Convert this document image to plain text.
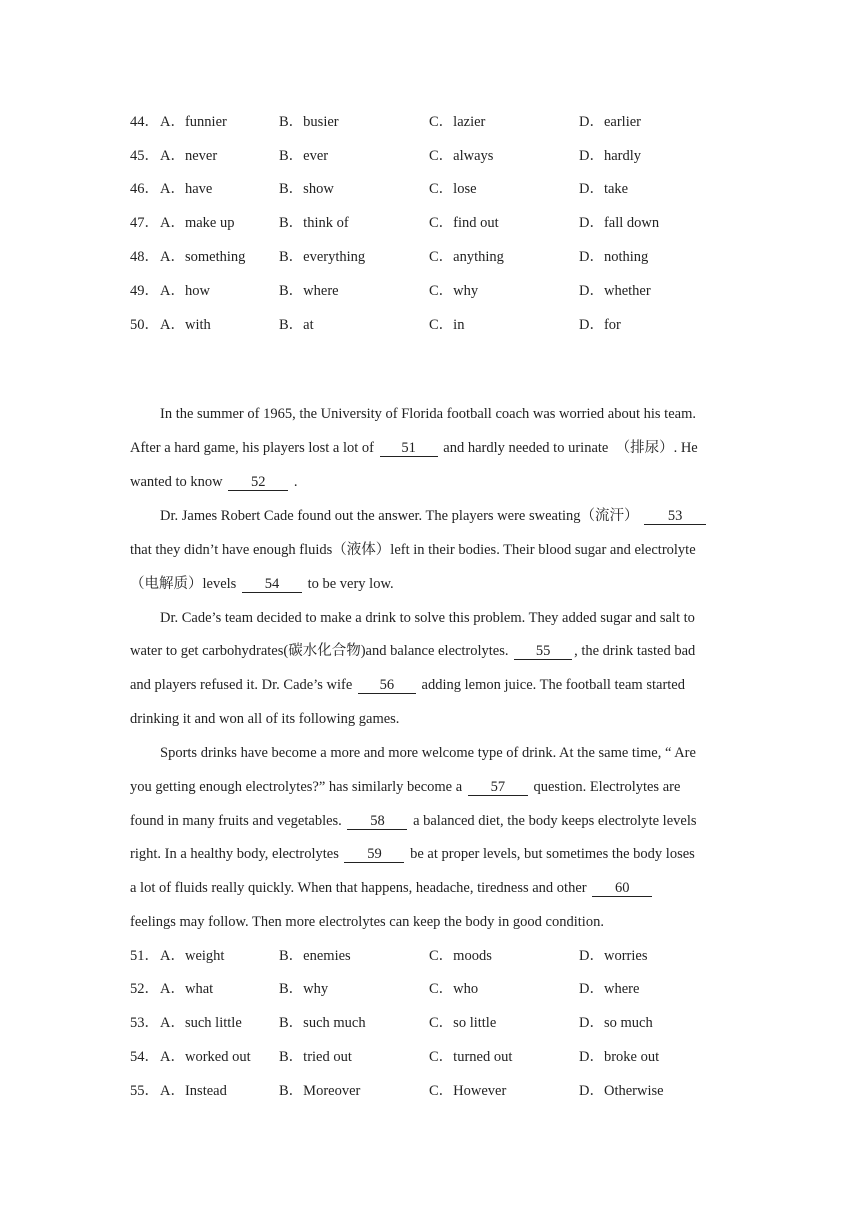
44． A．funnier	B．busier	C．lazier	D．earlier
45． A．never	B．ever	C．always	D．hardly
46． A．have	B．show	C．lose	D．take
47． A．make up	B．think of	C．find out	D．fall down
48． A．something B．everything	C．anything	D．nothing
49． A．how	B．where	C．why	D．whether
50． A．with	B．at	C．in	D．for
In the summer of 1965, the University of Florida football coach was worried about his team.
After a hard game, his players lost a lot of 51 and hardly needed to urinate　（排尿）. He
wanted to know 52 .
Dr. James Robert Cade found out the answer. The players were sweating（流汗） 53
that they didn’t have enough fluids（液体）left in their bodies. Their blood sugar and electrolyte
（电解质）levels 54 to be very low.
Dr. Cade’s team decided to make a drink to solve this problem. They added sugar and salt to
water to get carbohydrates(碳水化合物)and balance electrolytes. 55 , the drink tasted bad
and players refused it. Dr. Cade’s wife 56 adding lemon juice. The football team started
drinking it and won all of its following games.
Sports drinks have become a more and more welcome type of drink. At the same time, “ Are
you getting enough electrolytes?” has similarly become a 57 question. Electrolytes are
found in many fruits and vegetables. 58 a balanced diet, the body keeps electrolyte levels
right. In a healthy body, electrolytes 59 be at proper levels, but sometimes the body loses
a lot of fluids really quickly. When that happens, headache, tiredness and other 60
feelings may follow. Then more electrolytes can keep the body in good condition.
51． A．weight	B．enemies	C．moods	D．worries
52． A．what	B．why	C．who	D．where
53． A．such little	B．such much	C．so little	D．so much
54． A．worked out B．tried out	C．turned out	D．broke out
55． A．Instead	B．Moreover	C．However	D．Otherwise
